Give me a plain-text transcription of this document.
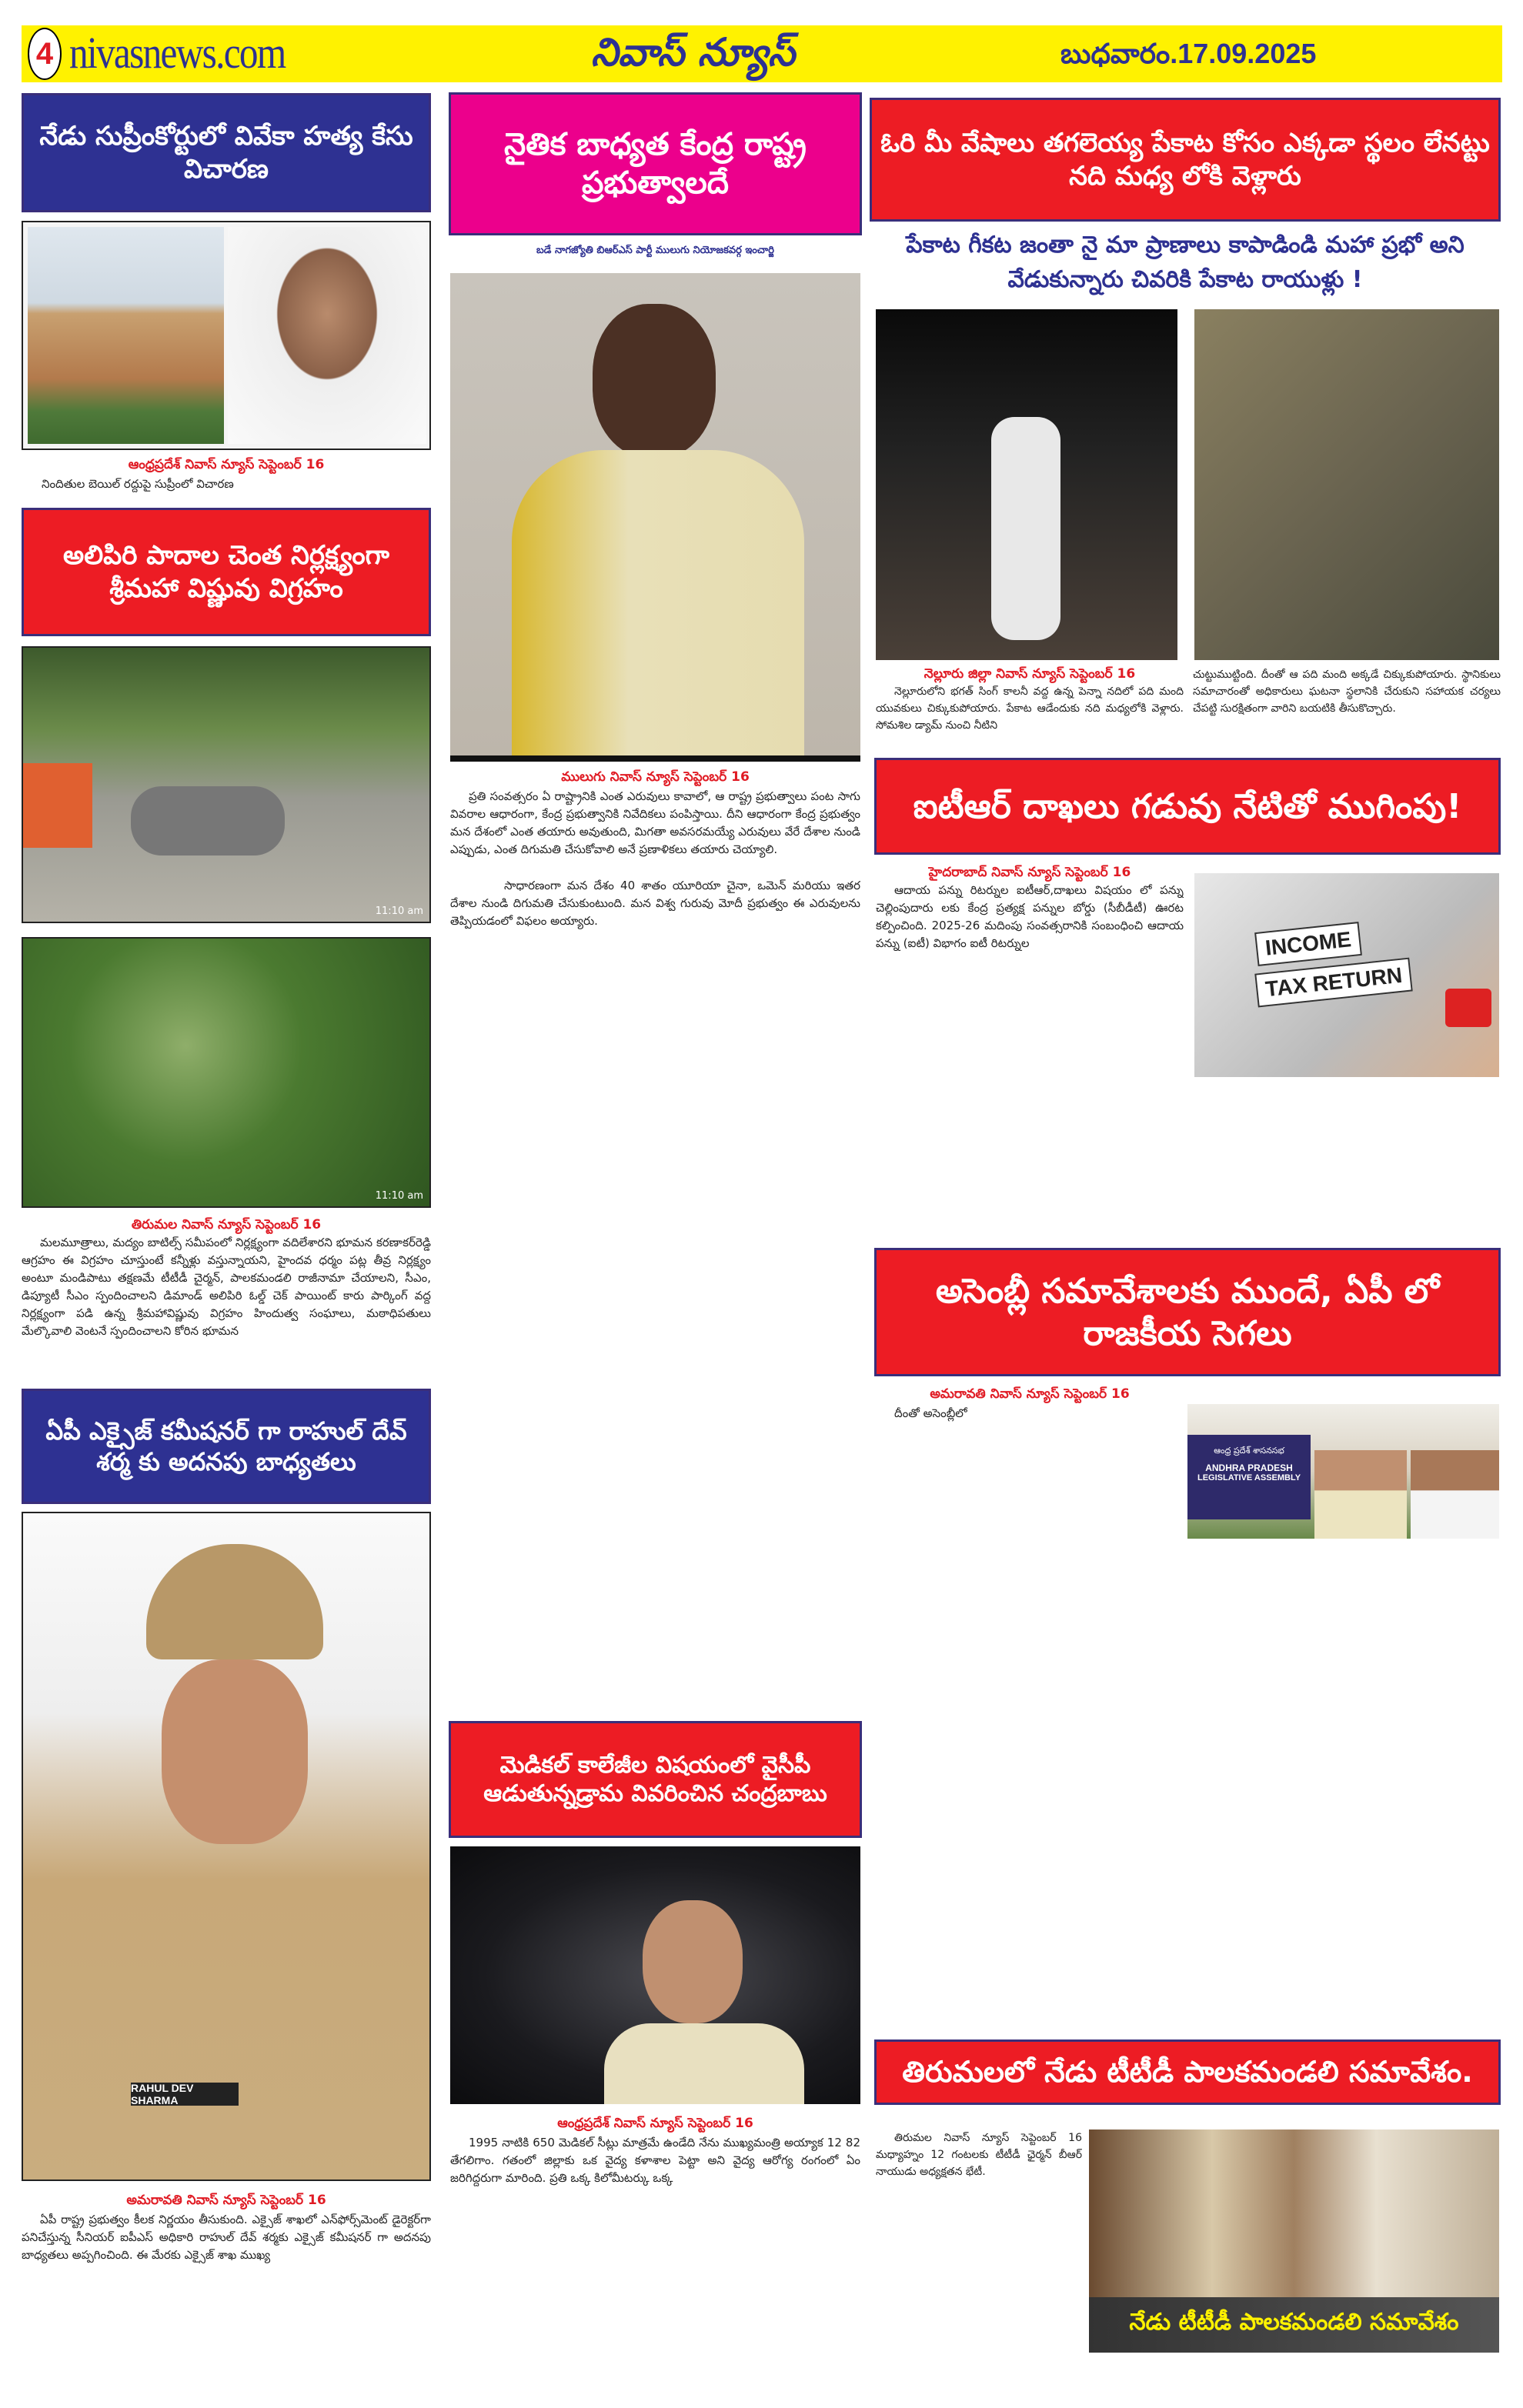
4 nivasnews.com	నివాస్ న్యూస్	బుధవారం.17.09.2025
నేడు సుప్రీంకోర్టులో వివేకా హత్య కేసు విచారణ
ఆంధ్రప్రదేశ్ నివాస్ న్యూస్ సెప్టెంబర్ 16
నిందితుల బెయిల్ రద్దుపై సుప్రీంలో విచారణ
అలిపిరి పాదాల చెంత నిర్లక్ష్యంగా శ్రీమహా విష్ణువు విగ్రహం
11:10 am
11:10 am
తిరుమల నివాస్ న్యూస్ సెప్టెంబర్ 16
మలమూత్రాలు, మద్యం బాటిల్స్ సమీపంలో నిర్లక్ష్యంగా వదిలేశారని భూమన కరణాకర్‌రెడ్డి ఆగ్రహం ఈ విగ్రహం చూస్తుంటే కన్నీళ్లు వస్తున్నాయని, హైందవ ధర్మం పట్ల తీవ్ర నిర్లక్ష్యం అంటూ మండిపాటు తక్షణమే టీటీడీ చైర్మన్, పాలకమండలి రాజీనామా చేయాలని, సీఎం, డిప్యూటీ సీఎం స్పందించాలని డిమాండ్ అలిపిరి ఓల్డ్ చెక్ పాయింట్ కారు పార్కింగ్ వద్ద నిర్లక్ష్యంగా పడి ఉన్న శ్రీమహావిష్ణువు విగ్రహం హిందుత్వ సంఘాలు, మఠాధిపతులు మేల్కొవాలి వెంటనే స్పందించాలని కోరిన భూమన
ఏపీ ఎక్సైజ్ కమీషనర్ గా రాహుల్ దేవ్ శర్మ కు అదనపు బాధ్యతలు
RAHUL DEV SHARMA
అమరావతి నివాస్ న్యూస్ సెప్టెంబర్ 16
ఏపీ రాష్ట్ర ప్రభుత్వం కీలక నిర్ణయం తీసుకుంది. ఎక్సైజ్ శాఖలో ఎన్‌ఫోర్స్‌మెంట్ డైరెక్టర్‌గా పనిచేస్తున్న సీనియర్ ఐపీఎస్ అధికారి రాహుల్ దేవ్ శర్మకు ఎక్సైజ్ కమీషనర్ గా అదనపు బాధ్యతలు అప్పగించింది. ఈ మేరకు ఎక్సైజ్ శాఖ ముఖ్య
నైతిక బాధ్యత కేంద్ర రాష్ట్ర ప్రభుత్వాలదే
బడే నాగజ్యోతి బిఆర్ఎస్ పార్టీ ములుగు నియోజకవర్గ ఇంచార్జి
ములుగు నివాస్ న్యూస్ సెప్టెంబర్ 16
ప్రతి సంవత్సరం ఏ రాష్ట్రానికి ఎంత ఎరువులు కావాలో, ఆ రాష్ట్ర ప్రభుత్వాలు పంట సాగు వివరాల ఆధారంగా, కేంద్ర ప్రభుత్వానికి నివేదికలు పంపిస్తాయి. దీని ఆధారంగా కేంద్ర ప్రభుత్వం మన దేశంలో ఎంత తయారు అవుతుంది, మిగతా అవసరమయ్యే ఎరువులు వేరే దేశాల నుండి ఎప్పుడు, ఎంత దిగుమతి చేసుకోవాలి అనే ప్రణాళికలు తయారు చెయ్యాలి.
సాధారణంగా మన దేశం 40 శాతం యూరియా చైనా, ఒమెన్ మరియు ఇతర దేశాల నుండి దిగుమతి చేసుకుంటుంది. మన విశ్వ గురువు మోదీ ప్రభుత్వం ఈ ఎరువులను తెప్పియడంలో విఫలం అయ్యారు.
మెడికల్ కాలేజీల విషయంలో వైసీపీ ఆడుతున్నడ్రామ వివరించిన చంద్రబాబు
ఆంధ్రప్రదేశ్ నివాస్ న్యూస్ సెప్టెంబర్ 16
1995 నాటికి 650 మెడికల్ సీట్లు మాత్రమే ఉండేది నేను ముఖ్యమంత్రి అయ్యాక 12 82 తేగలిగాం. గతంలో జిల్లాకు ఒక వైద్య కళాశాల పెట్టా అని వైద్య ఆరోగ్య రంగంలో ఏం జరిగిద్దరుగా మారింది. ప్రతి ఒక్క కిలోమీటర్కు ఒక్క
ఓరి మీ వేషాలు తగలెయ్య పేకాట కోసం ఎక్కడా స్థలం లేనట్టు నది మధ్య లోకి వెళ్లారు
పేకాట గీకట జంతా నై మా ప్రాణాలు కాపాడిండి మహా ప్రభో అని వేడుకున్నారు చివరికి పేకాట రాయుళ్లు !
నెల్లూరు జిల్లా నివాస్ న్యూస్ సెప్టెంబర్ 16
నెల్లూరులోని భగత్ సింగ్ కాలనీ వద్ద ఉన్న పెన్నా నదిలో పది మంది యువకులు చిక్కుకుపోయారు. పేకాట ఆడేందుకు నది మధ్యలోకి వెళ్లారు. సోమశిల డ్యామ్ నుంచి నీటిని
చుట్టుముట్టింది. దీంతో ఆ పది మంది అక్కడే చిక్కుకుపోయారు. స్థానికులు సమాచారంతో అధికారులు ఘటనా స్థలానికి చేరుకుని సహాయక చర్యలు చేపట్టి సురక్షితంగా వారిని బయటికి తీసుకొచ్చారు.
ఐటీఆర్ దాఖలు గడువు నేటితో ముగింపు!
హైదరాబాద్ నివాస్ న్యూస్ సెప్టెంబర్ 16
ఆదాయ పన్ను రిటర్నుల ఐటీఆర్,దాఖలు విషయం లో పన్ను చెల్లింపుదారు లకు కేంద్ర ప్రత్యక్ష పన్నుల బోర్డు (సీబీడీటీ) ఊరట కల్పించింది. 2025-26 మదింపు సంవత్సరానికి సంబంధించి ఆదాయ పన్ను (ఐటీ) విభాగం ఐటీ రిటర్నుల	INCOME
TAX RETURN
అసెంబ్లీ సమావేశాలకు ముందే, ఏపీ లో రాజకీయ సెగలు
అమరావతి నివాస్ న్యూస్ సెప్టెంబర్ 16
దీంతో అసెంబ్లీలో
ఆంధ్ర ప్రదేశ్ శాసనసభ
ANDHRA PRADESH
LEGISLATIVE ASSEMBLY
తిరుమలలో నేడు టీటీడీ పాలకమండలి సమావేశం.
తిరుమల నివాస్ న్యూస్ సెప్టెంబర్ 16 మధ్యాహ్నం 12 గంటలకు టీటీడీ ఛైర్మన్ బీఆర్ నాయుడు అధ్యక్షతన భేటీ.
నేడు టీటీడీ పాలకమండలి సమావేశం
